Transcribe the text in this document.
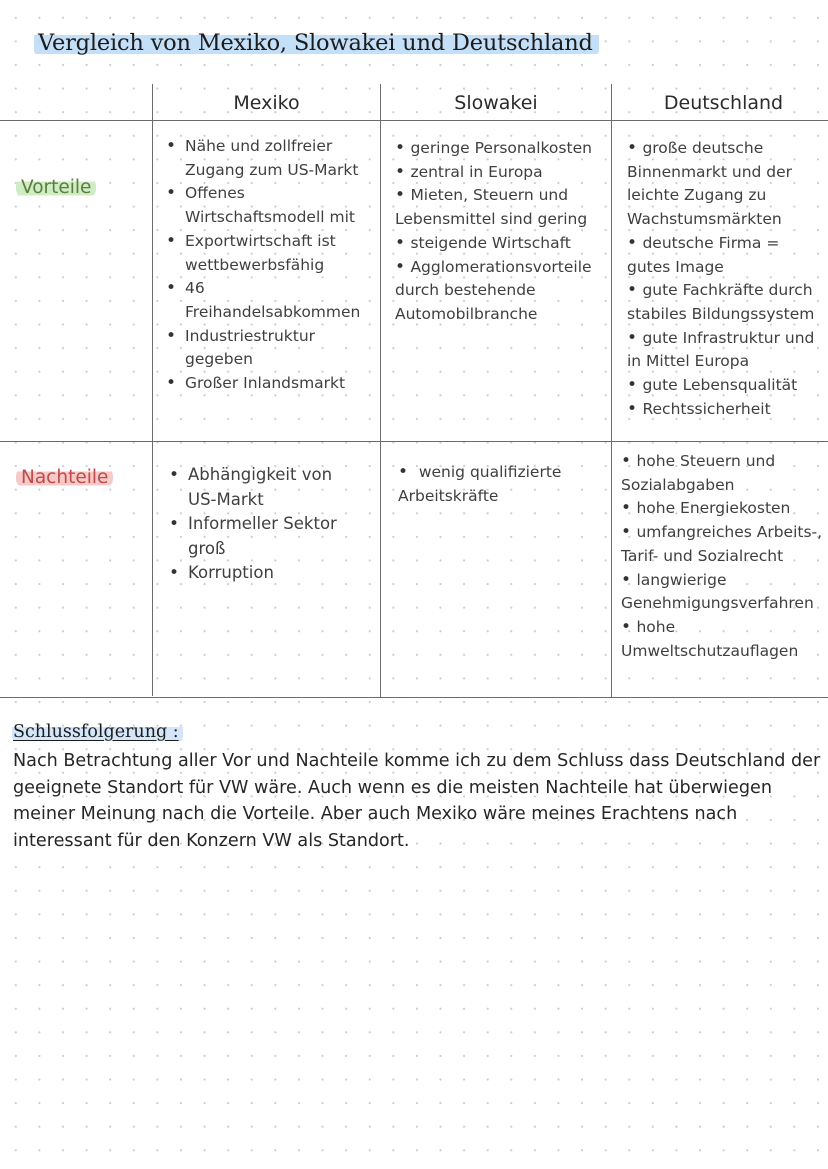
Vergleich von Mexiko, Slowakei und Deutschland
Mexiko	Slowakei	Deutschland
Vorteile
Nachteile
• Nähe und zollfreier Zugang zum US-Markt
• Offenes Wirtschaftsmodell mit
• Exportwirtschaft ist wettbewerbsfähig
• 46 Freihandelsabkommen
• Industriestruktur gegeben
• Großer Inlandsmarkt
• geringe Personalkosten
• zentral in Europa
• Mieten, Steuern und Lebensmittel sind gering
• steigende Wirtschaft
• Agglomerationsvorteile durch bestehende Automobilbranche
• große deutsche Binnenmarkt und der leichte Zugang zu Wachstumsmärkten
• deutsche Firma = gutes Image
• gute Fachkräfte durch stabiles Bildungssystem
• gute Infrastruktur und in Mittel Europa
• gute Lebensqualität
• Rechtssicherheit
• Abhängigkeit von US-Markt
• Informeller Sektor groß
• Korruption
•  wenig qualifizierte Arbeitskräfte
• hohe Steuern und Sozialabgaben
• hohe Energiekosten
• umfangreiches Arbeits-, Tarif- und Sozialrecht
• langwierige Genehmigungsverfahren
• hohe Umweltschutzauflagen
Schlussfolgerung :

Nach Betrachtung aller Vor und Nachteile komme ich zu dem Schluss dass Deutschland der geeignete Standort für VW wäre. Auch wenn es die meisten Nachteile hat überwiegen meiner Meinung nach die Vorteile. Aber auch Mexiko wäre meines Erachtens nach interessant für den Konzern VW als Standort.
